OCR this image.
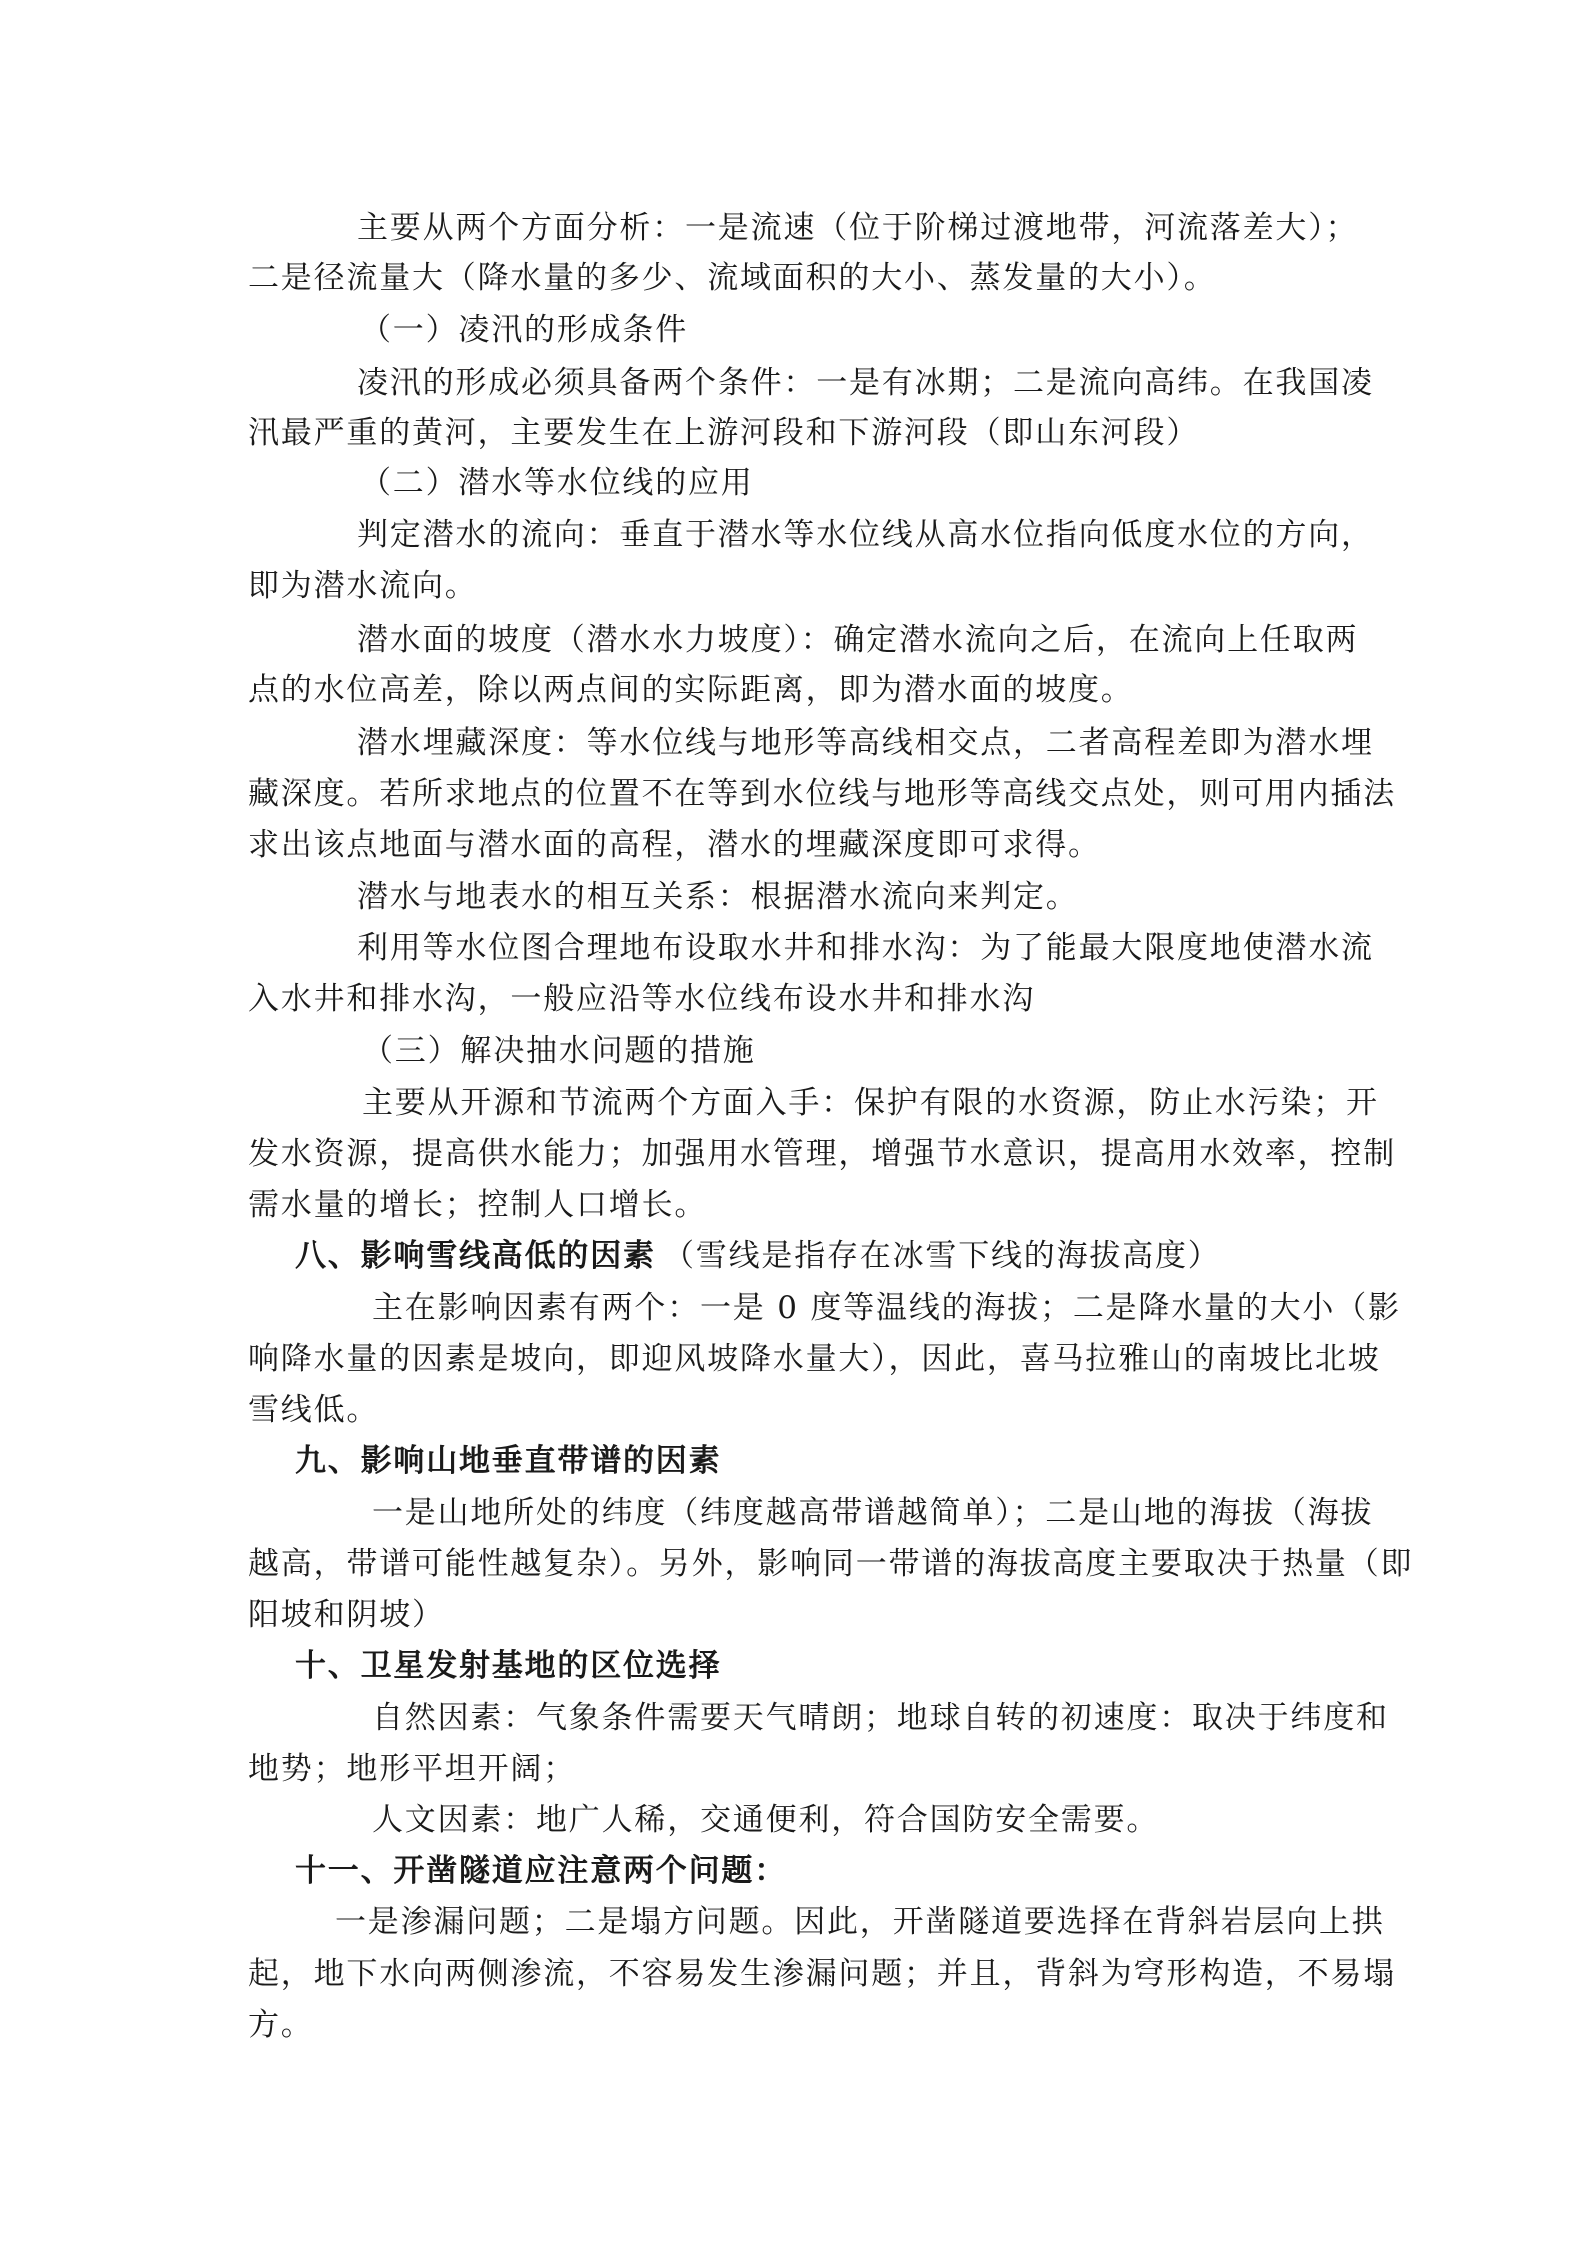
主要从两个方面分析：一是流速（位于阶梯过渡地带，河流落差大）；
二是径流量大（降水量的多少、流域面积的大小、蒸发量的大小）。
（一）凌汛的形成条件
凌汛的形成必须具备两个条件：一是有冰期；二是流向高纬。在我国凌
汛最严重的黄河，主要发生在上游河段和下游河段（即山东河段）
（二）潜水等水位线的应用
判定潜水的流向：垂直于潜水等水位线从高水位指向低度水位的方向，
即为潜水流向。
潜水面的坡度（潜水水力坡度）：确定潜水流向之后，在流向上任取两
点的水位高差，除以两点间的实际距离，即为潜水面的坡度。
潜水埋藏深度：等水位线与地形等高线相交点，二者高程差即为潜水埋
藏深度。若所求地点的位置不在等到水位线与地形等高线交点处，则可用内插法
求出该点地面与潜水面的高程，潜水的埋藏深度即可求得。
潜水与地表水的相互关系：根据潜水流向来判定。
利用等水位图合理地布设取水井和排水沟：为了能最大限度地使潜水流
入水井和排水沟，一般应沿等水位线布设水井和排水沟
（三）解决抽水问题的措施
主要从开源和节流两个方面入手：保护有限的水资源，防止水污染；开
发水资源，提高供水能力；加强用水管理，增强节水意识，提高用水效率，控制
需水量的增长；控制人口增长。
八、影响雪线高低的因素 （雪线是指存在冰雪下线的海拔高度）
主在影响因素有两个：一是 0 度等温线的海拔；二是降水量的大小（影
响降水量的因素是坡向，即迎风坡降水量大），因此，喜马拉雅山的南坡比北坡
雪线低。
九、影响山地垂直带谱的因素
一是山地所处的纬度（纬度越高带谱越简单）；二是山地的海拔（海拔
越高，带谱可能性越复杂）。另外，影响同一带谱的海拔高度主要取决于热量（即
阳坡和阴坡）
十、卫星发射基地的区位选择
自然因素：气象条件需要天气晴朗；地球自转的初速度：取决于纬度和
地势；地形平坦开阔；
人文因素：地广人稀，交通便利，符合国防安全需要。
十一、开凿隧道应注意两个问题：
一是渗漏问题；二是塌方问题。因此，开凿隧道要选择在背斜岩层向上拱
起，地下水向两侧渗流，不容易发生渗漏问题；并且，背斜为穹形构造，不易塌
方。
